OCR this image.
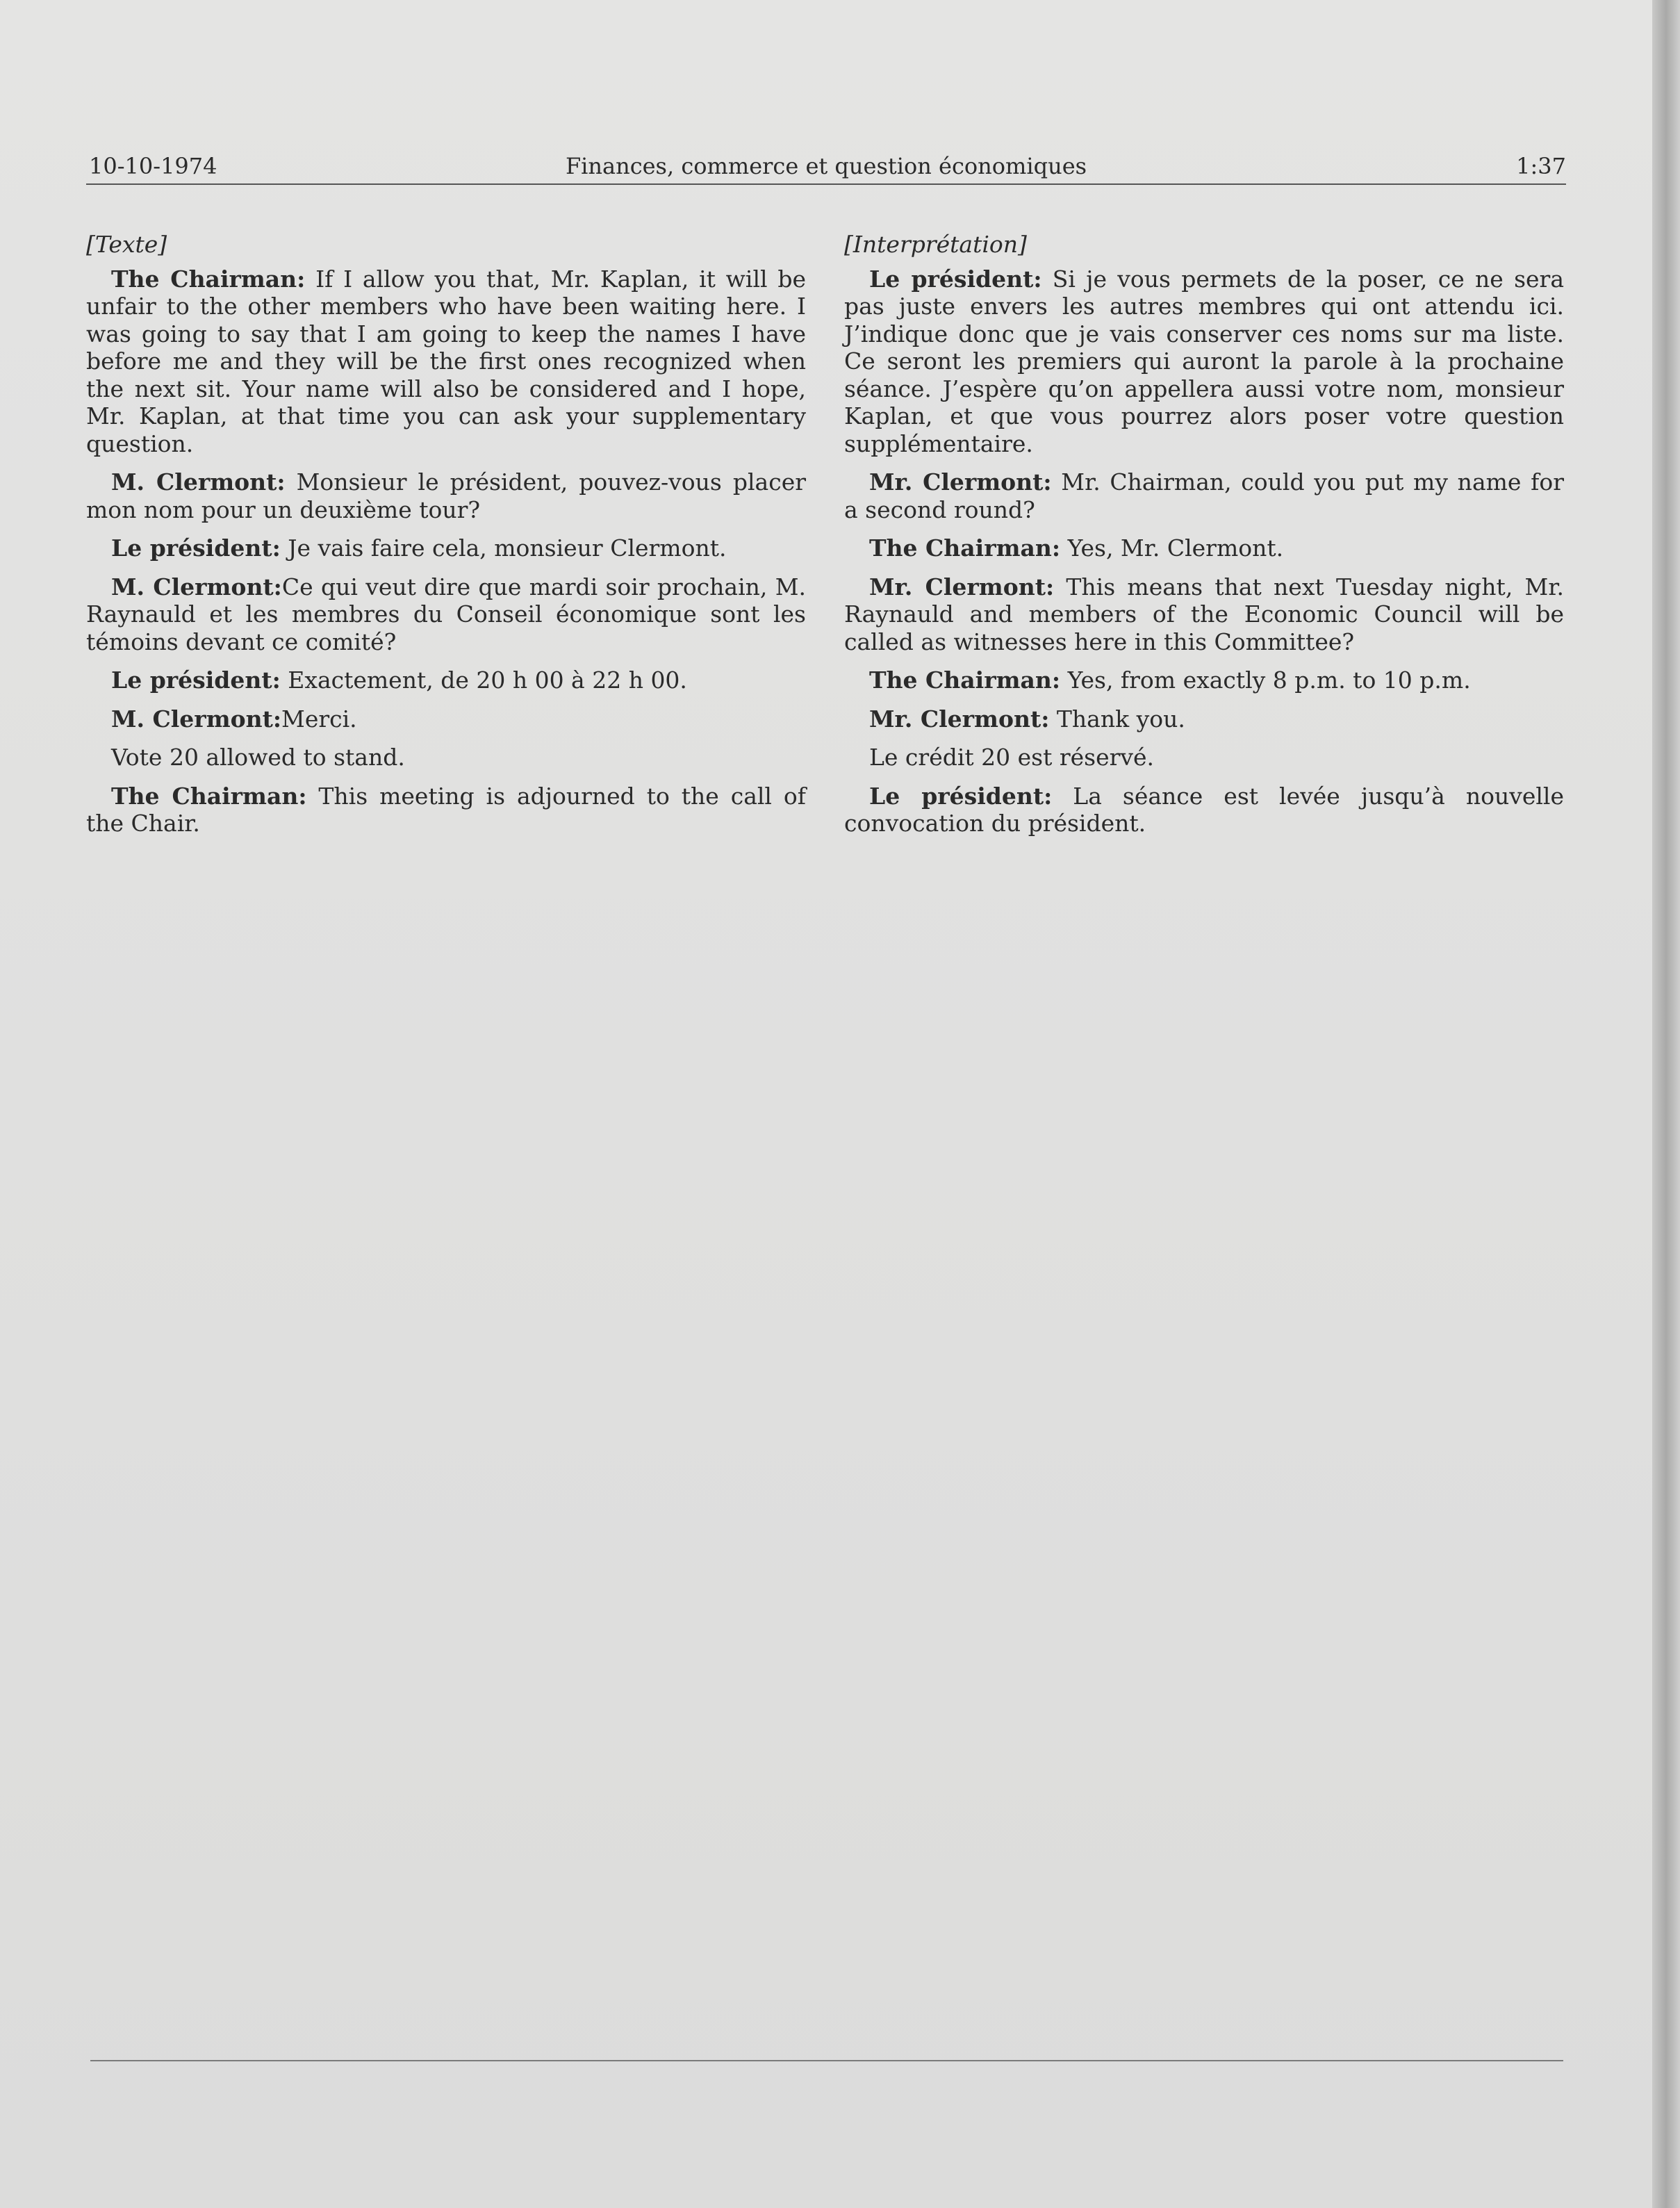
10-10-1974	Finances, commerce et question économiques	1:37
[Texte]

The Chairman: If I allow you that, Mr. Kaplan, it will be unfair to the other members who have been waiting here. I was going to say that I am going to keep the names I have before me and they will be the first ones recognized when the next sit. Your name will also be considered and I hope, Mr. Kaplan, at that time you can ask your supplementary question.

M. Clermont: Monsieur le président, pouvez-vous placer mon nom pour un deuxième tour?

Le président: Je vais faire cela, monsieur Clermont.

M. Clermont:Ce qui veut dire que mardi soir prochain, M. Raynauld et les membres du Conseil économique sont les témoins devant ce comité?

Le président: Exactement, de 20 h 00 à 22 h 00.

M. Clermont:Merci.

Vote 20 allowed to stand.

The Chairman: This meeting is adjourned to the call of the Chair.

[Interprétation]

Le président: Si je vous permets de la poser, ce ne sera pas juste envers les autres membres qui ont attendu ici. J’indique donc que je vais conserver ces noms sur ma liste. Ce seront les premiers qui auront la parole à la prochaine séance. J’espère qu’on appellera aussi votre nom, monsieur Kaplan, et que vous pourrez alors poser votre question supplémentaire.

Mr. Clermont: Mr. Chairman, could you put my name for a second round?

The Chairman: Yes, Mr. Clermont.

Mr. Clermont: This means that next Tuesday night, Mr. Raynauld and members of the Economic Council will be called as witnesses here in this Committee?

The Chairman: Yes, from exactly 8 p.m. to 10 p.m.

Mr. Clermont: Thank you.

Le crédit 20 est réservé.

Le président: La séance est levée jusqu’à nouvelle convocation du président.
